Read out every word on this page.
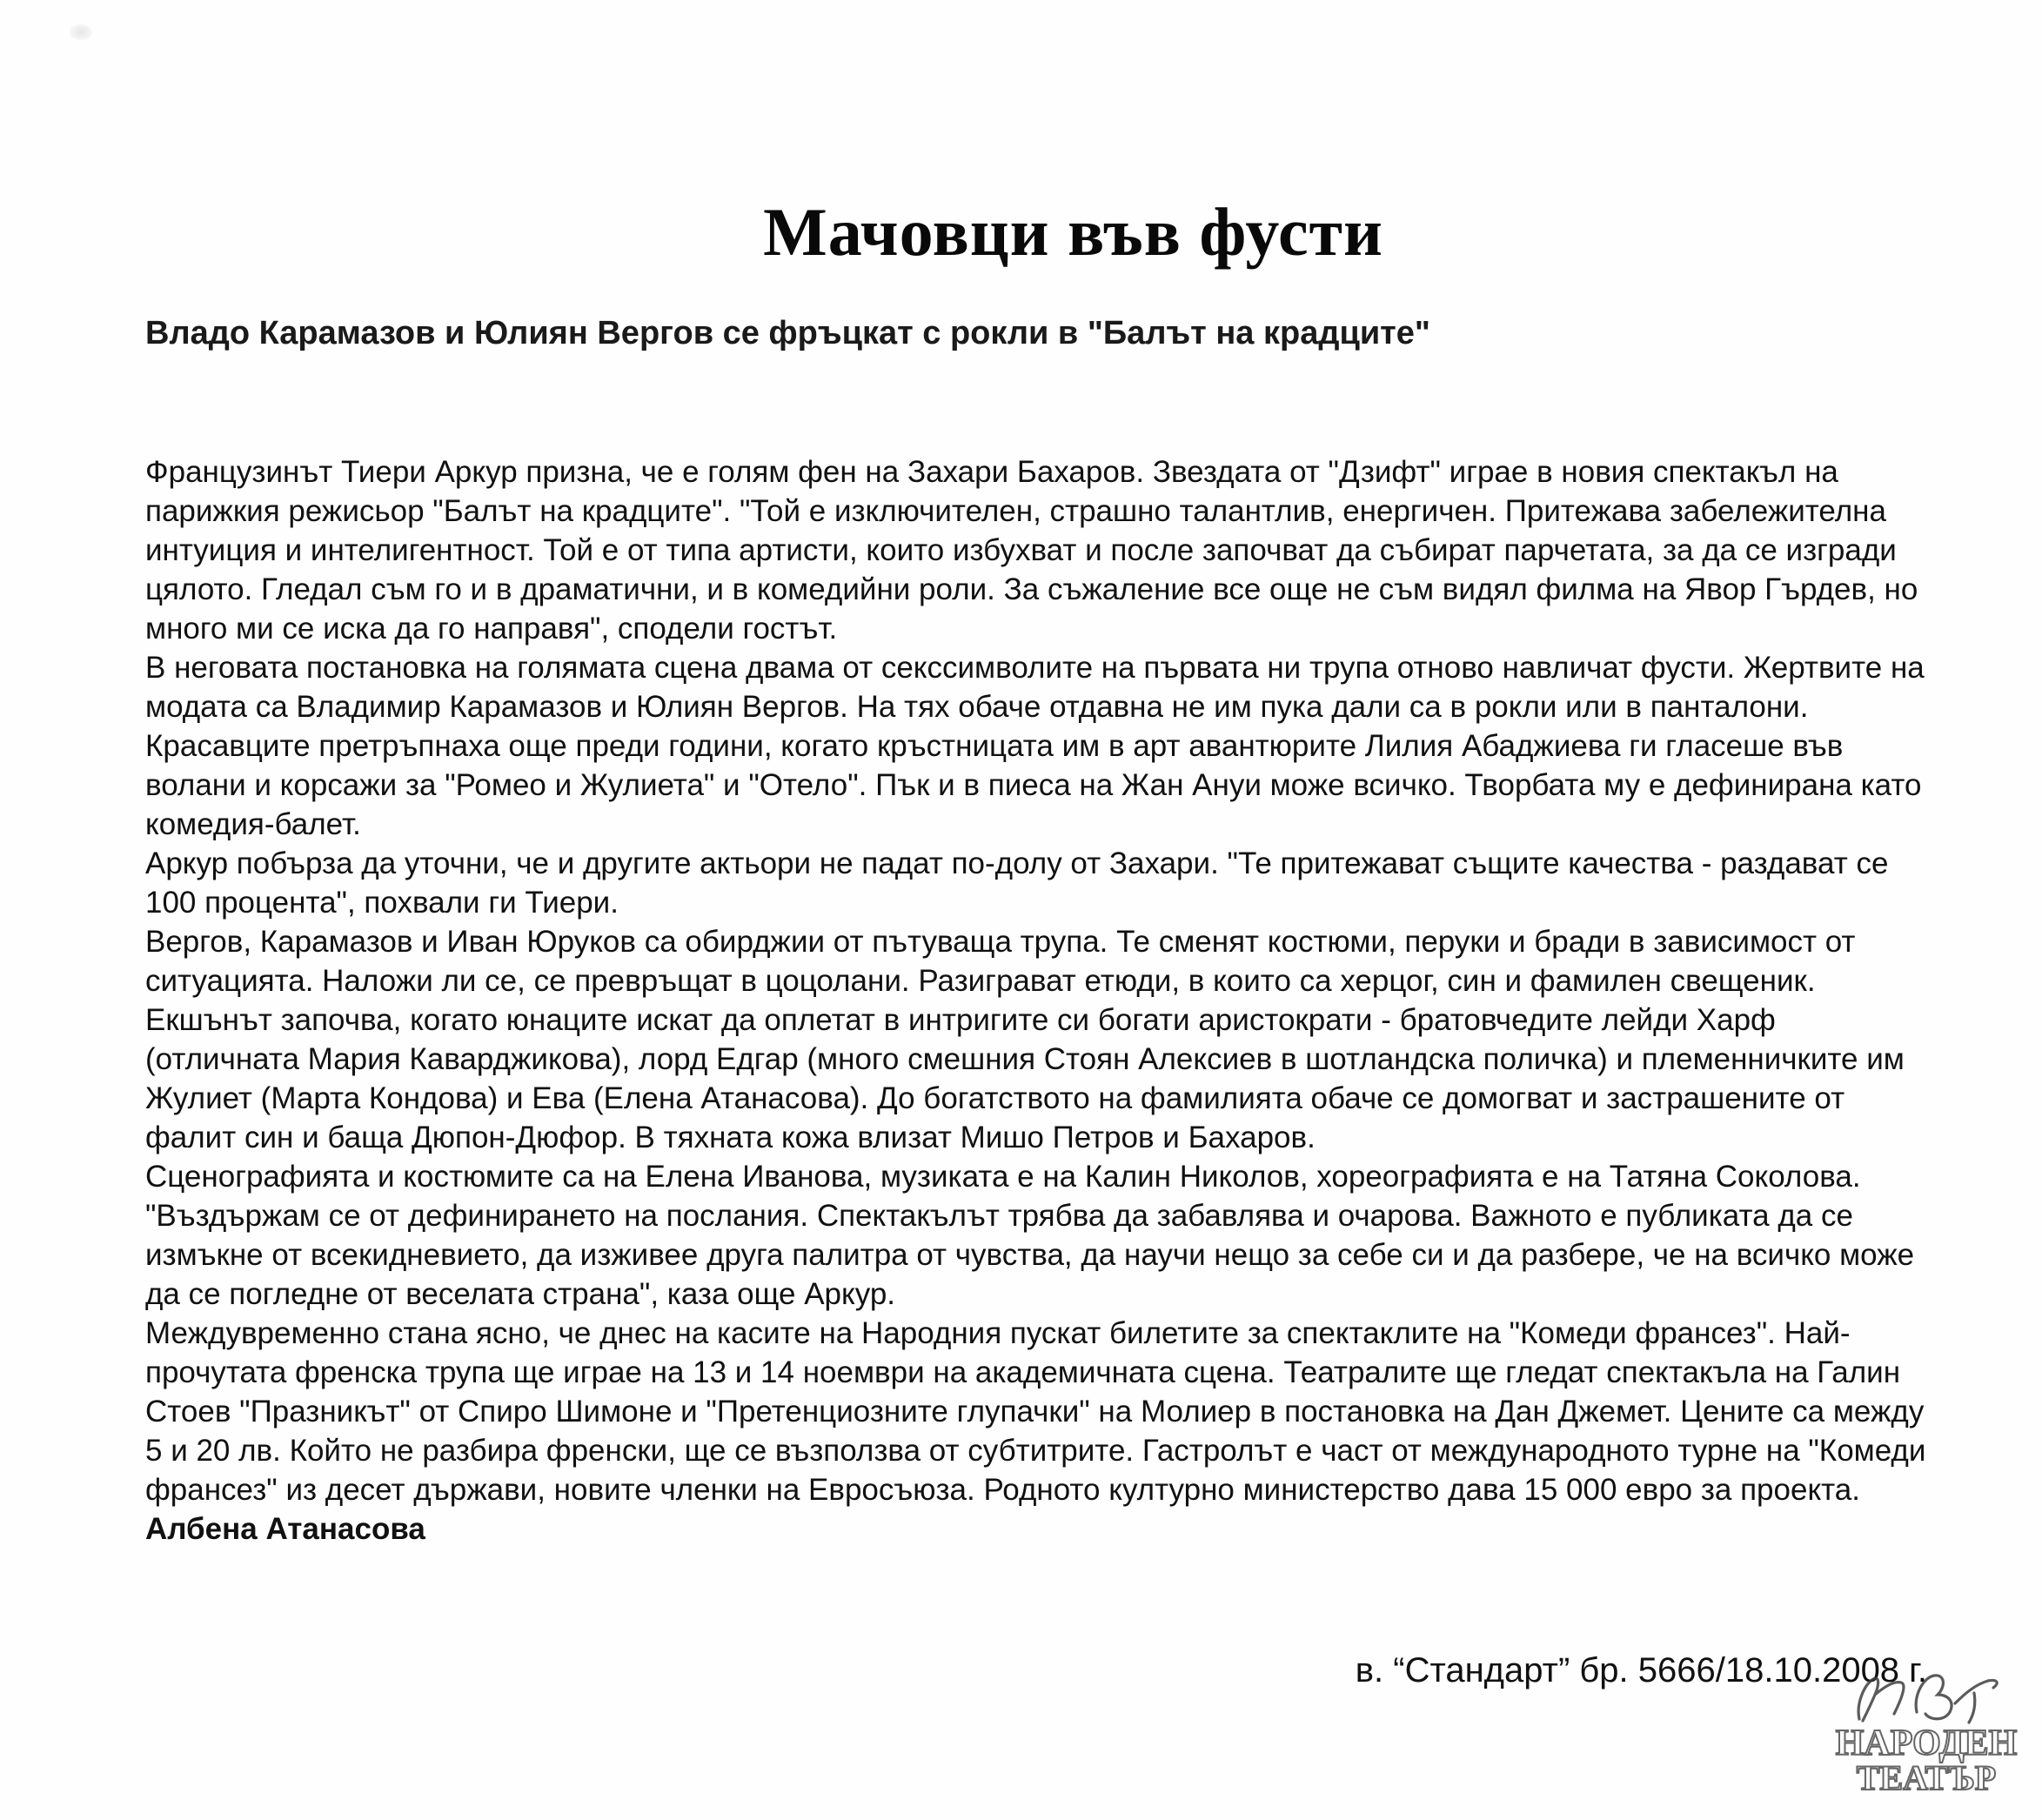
Мачовци във фусти
Владо Карамазов и Юлиян Вергов се фръцкат с рокли в "Балът на крадците"

Французинът Тиери Аркур призна, че е голям фен на Захари Бахаров. Звездата от "Дзифт" играе в новия спектакъл на парижкия режисьор "Балът на крадците". "Той е изключителен, страшно талантлив, енергичен. Притежава забележителна интуиция и интелигентност. Той е от типа артисти, които избухват и после започват да събират парчетата, за да се изгради цялото. Гледал съм го и в драматични, и в комедийни роли. За съжаление все още не съм видял филма на Явор Гърдев, но много ми се иска да го направя", сподели гостът.

В неговата постановка на голямата сцена двама от секссимволите на първата ни трупа отново навличат фусти. Жертвите на модата са Владимир Карамазов и Юлиян Вергов. На тях обаче отдавна не им пука дали са в рокли или в панталони. Красавците претръпнаха още преди години, когато кръстницата им в арт авантюрите Лилия Абаджиева ги гласеше във волани и корсажи за "Ромео и Жулиета" и "Отело". Пък и в пиеса на Жан Ануи може всичко. Творбата му е дефинирана като комедия-балет.

Аркур побърза да уточни, че и другите актьори не падат по-долу от Захари. "Те притежават същите качества - раздават се 100 процента", похвали ги Тиери.

Вергов, Карамазов и Иван Юруков са обирджии от пътуваща трупа. Те сменят костюми, перуки и бради в зависимост от ситуацията. Наложи ли се, се превръщат в цоцолани. Разиграват етюди, в които са херцог, син и фамилен свещеник. Екшънът започва, когато юнаците искат да оплетат в интригите си богати аристократи - братовчедите лейди Харф (отличната Мария Каварджикова), лорд Едгар (много смешния Стоян Алексиев в шотландска поличка) и племенничките им Жулиет (Марта Кондова) и Ева (Елена Атанасова). До богатството на фамилията обаче се домогват и застрашените от фалит син и баща Дюпон-Дюфор. В тяхната кожа влизат Мишо Петров и Бахаров.

Сценографията и костюмите са на Елена Иванова, музиката е на Калин Николов, хореографията е на Татяна Соколова.

"Въздържам се от дефинирането на послания. Спектакълът трябва да забавлява и очарова. Важното е публиката да се измъкне от всекидневието, да изживее друга палитра от чувства, да научи нещо за себе си и да разбере, че на всичко може да се погледне от веселата страна", каза още Аркур.

Междувременно стана ясно, че днес на касите на Народния пускат билетите за спектаклите на "Комеди франсез". Най-прочутата френска трупа ще играе на 13 и 14 ноември на академичната сцена. Театралите ще гледат спектакъла на Галин Стоев "Празникът" от Спиро Шимоне и "Претенциозните глупачки" на Молиер в постановка на Дан Джемет. Цените са между 5 и 20 лв. Който не разбира френски, ще се възползва от субтитрите. Гастролът е част от международното турне на "Комеди франсез" из десет държави, новите членки на Евросъюза. Родното културно министерство дава 15 000 евро за проекта.

Албена Атанасова

в. “Стандарт” бр. 5666/18.10.2008 г.

НАРОДЕН
ТЕАТЪР
